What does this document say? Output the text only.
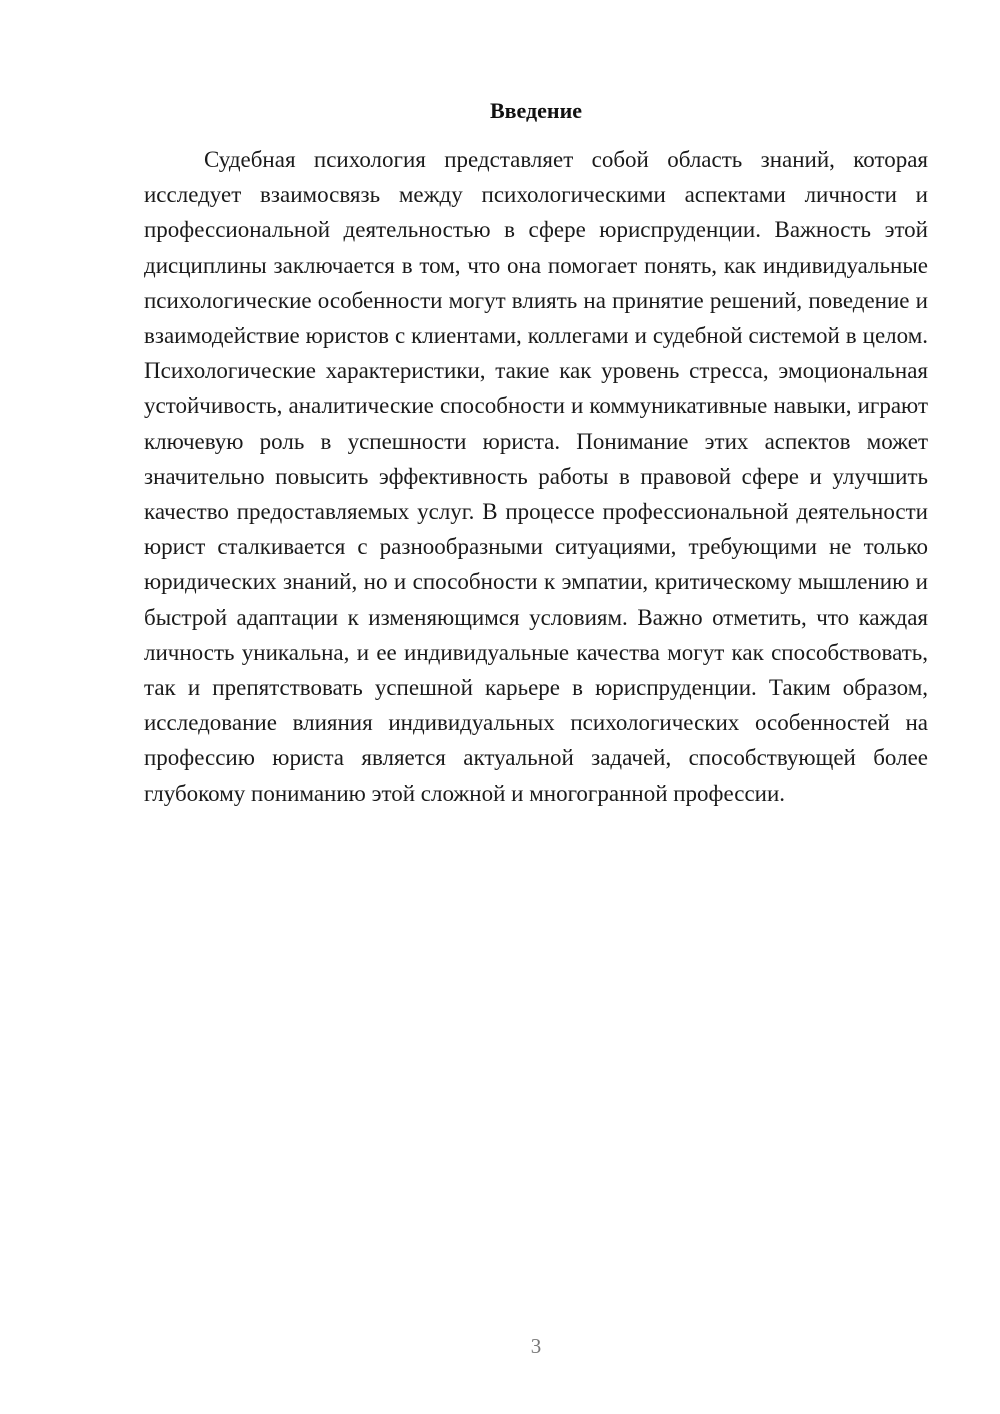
Введение

Судебная психология представляет собой область знаний, которая исследует взаимосвязь между психологическими аспектами личности и профессиональной деятельностью в сфере юриспруденции. Важность этой дисциплины заключается в том, что она помогает понять, как индивидуальные психологические особенности могут влиять на принятие решений, поведение и взаимодействие юристов с клиентами, коллегами и судебной системой в целом. Психологические характеристики, такие как уровень стресса, эмоциональная устойчивость, аналитические способности и коммуникативные навыки, играют ключевую роль в успешности юриста. Понимание этих аспектов может значительно повысить эффективность работы в правовой сфере и улучшить качество предоставляемых услуг. В процессе профессиональной деятельности юрист сталкивается с разнообразными ситуациями, требующими не только юридических знаний, но и способности к эмпатии, критическому мышлению и быстрой адаптации к изменяющимся условиям. Важно отметить, что каждая личность уникальна, и ее индивидуальные качества могут как способствовать, так и препятствовать успешной карьере в юриспруденции. Таким образом, исследование влияния индивидуальных психологических особенностей на профессию юриста является актуальной задачей, способствующей более глубокому пониманию этой сложной и многогранной профессии.

3
